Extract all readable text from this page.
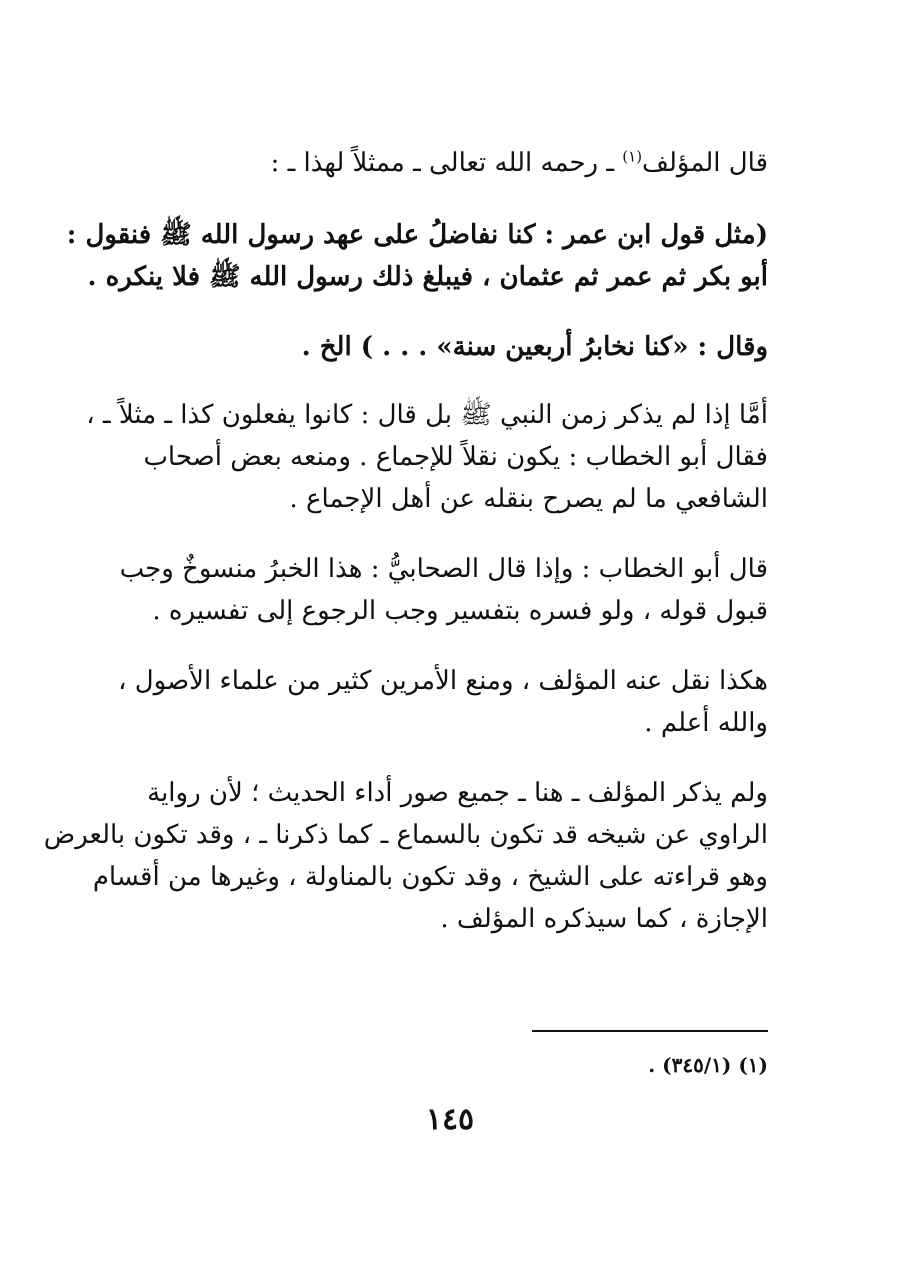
قال المؤلف$^{(١)}$ ـ رحمه الله تعالى ـ ممثلاً لهذا ـ :
(مثل قول ابن عمر : كنا نفاضلُ على عهد رسول الله ﷺ فنقول :
أبو بكر ثم عمر ثم عثمان ، فيبلغ ذلك رسول الله ﷺ فلا ينكره .
وقال : «كنا نخابرُ أربعين سنة» . . . ) الخ .
أمَّا إذا لم يذكر زمن النبي ﷺ بل قال : كانوا يفعلون كذا ـ مثلاً ـ ،
فقال أبو الخطاب : يكون نقلاً للإجماع . ومنعه بعض أصحاب
الشافعي ما لم يصرح بنقله عن أهل الإجماع .
قال أبو الخطاب : وإذا قال الصحابيُّ : هذا الخبرُ منسوخٌ وجب
قبول قوله ، ولو فسره بتفسير وجب الرجوع إلى تفسيره .
هكذا نقل عنه المؤلف ، ومنع الأمرين كثير من علماء الأصول ،
والله أعلم .
ولم يذكر المؤلف ـ هنا ـ جميع صور أداء الحديث ؛ لأن رواية
الراوي عن شيخه قد تكون بالسماع ـ كما ذكرنا ـ ، وقد تكون بالعرض
وهو قراءته على الشيخ ، وقد تكون بالمناولة ، وغيرها من أقسام
الإجازة ، كما سيذكره المؤلف .
(١) (٣٤٥/١) .
١٤٥
